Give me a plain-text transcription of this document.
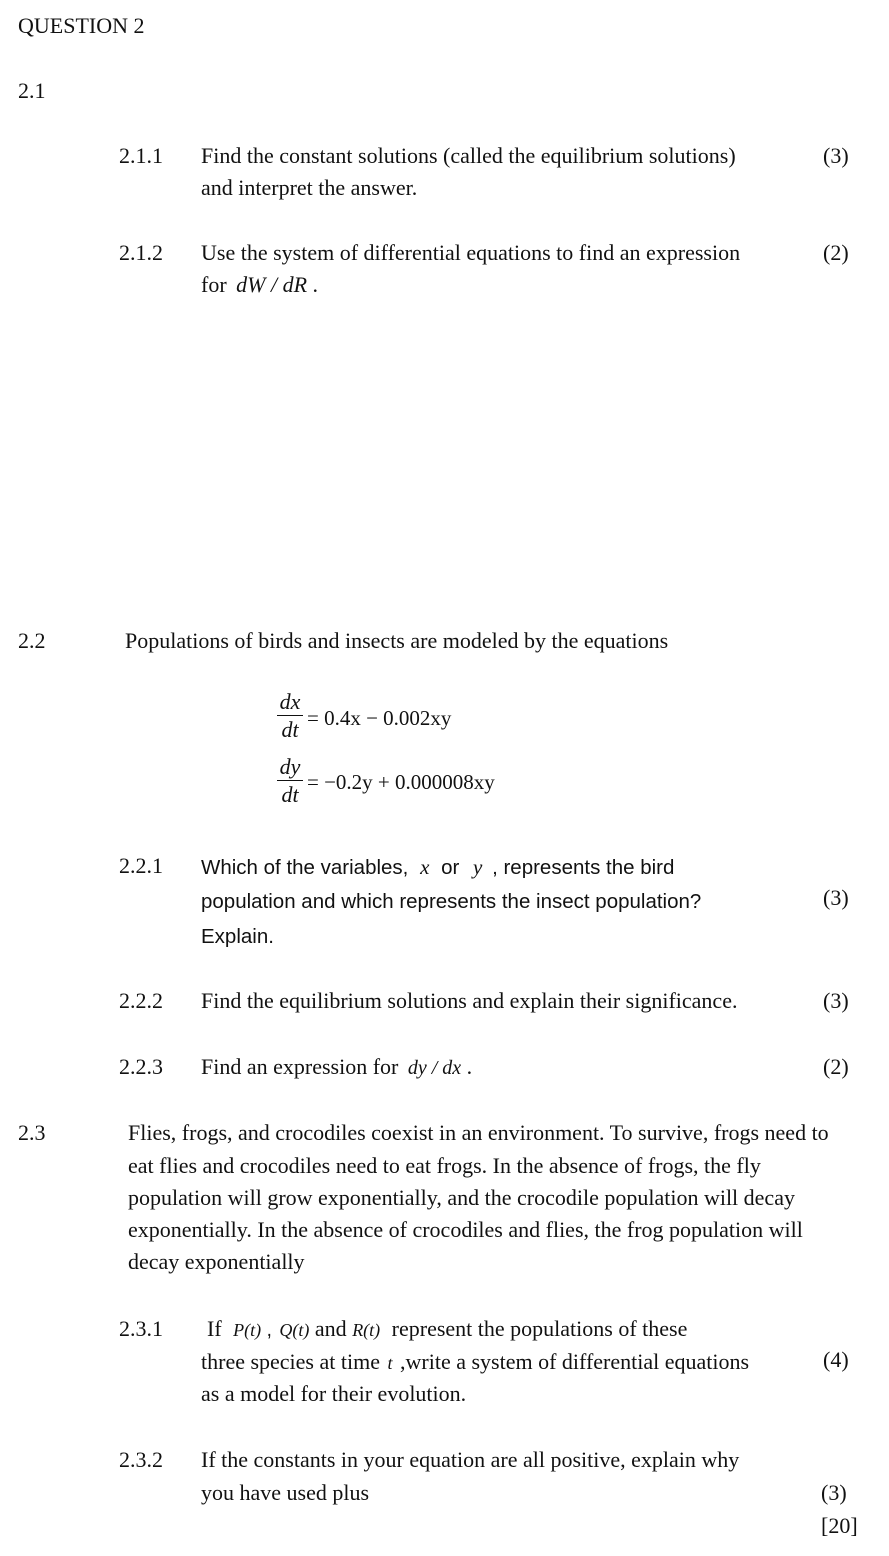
QUESTION 2
2.1
2.1.1 Find the constant solutions (called the equilibrium solutions)
and interpret the answer.
(3)
2.1.2 Use the system of differential equations to find an expression
for dW / dR .
(2)
2.2	Populations of birds and insects are modeled by the equations
dx
dt = 0.4x − 0.002xy
dy
dt = −0.2y + 0.000008xy
2.2.1 Which of the variables, x or y , represents the bird
population and which represents the insect population?
Explain.
(3)
2.2.2 Find the equilibrium solutions and explain their significance.	(3)
2.2.3 Find an expression for dy / dx .	(2)
2.3	Flies, frogs, and crocodiles coexist in an environment. To survive, frogs need to
eat flies and crocodiles need to eat frogs. In the absence of frogs, the fly
population will grow exponentially, and the crocodile population will decay
exponentially. In the absence of crocodiles and flies, the frog population will
decay exponentially
2.3.1 If P(t) , Q(t) and R(t) represent the populations of these
three species at time t ,write a system of differential equations
as a model for their evolution.
(4)
2.3.2 If the constants in your equation are all positive, explain why
you have used plus	(3)
[20]
